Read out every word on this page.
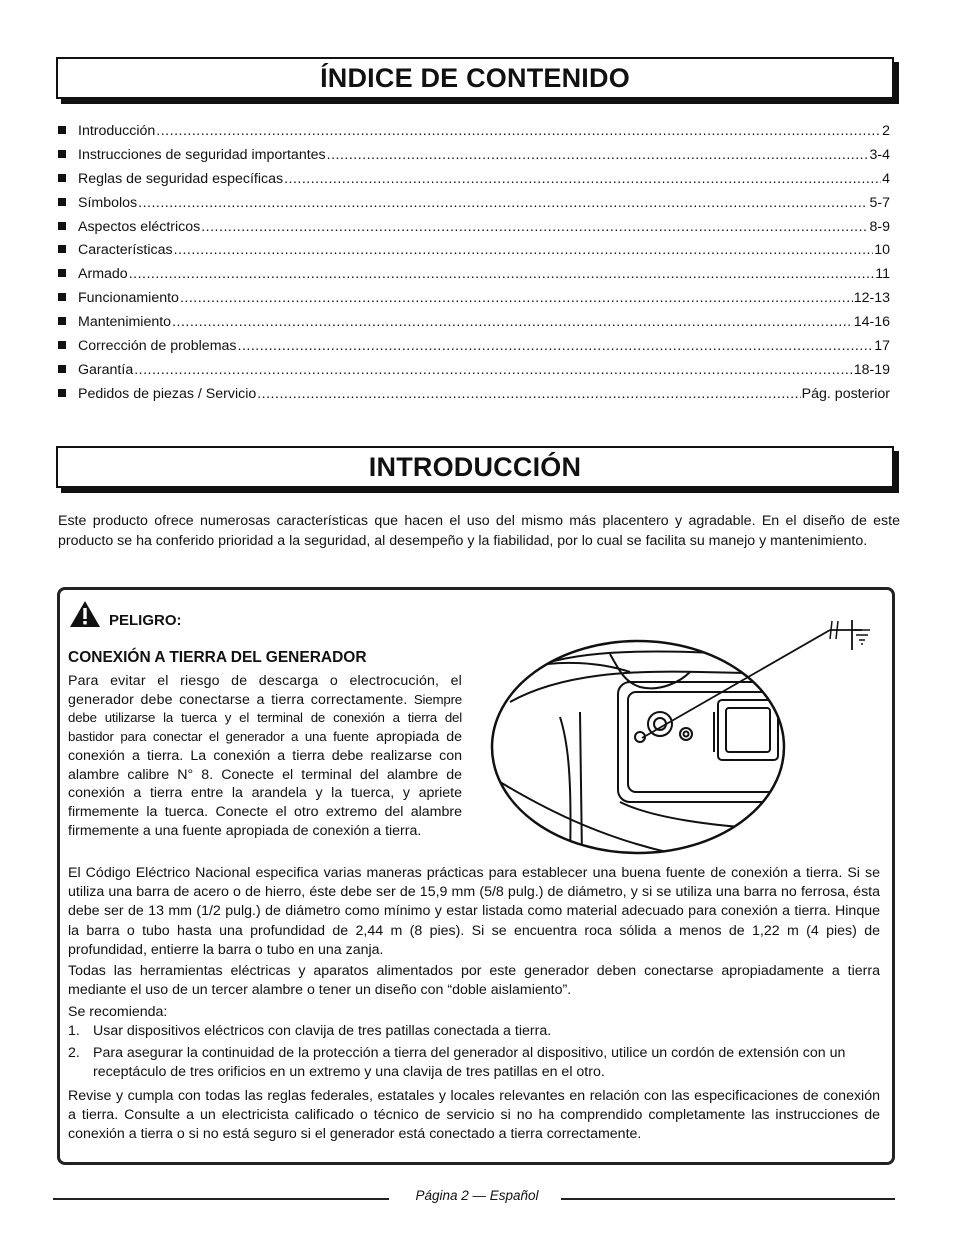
ÍNDICE DE CONTENIDO
Introducción .....	2
Instrucciones de seguridad importantes .....	3-4
Reglas de seguridad específicas .....	4
Símbolos .....	5-7
Aspectos eléctricos .....	8-9
Características .....	10
Armado .....	11
Funcionamiento .....	12-13
Mantenimiento .....	14-16
Corrección de problemas .....	17
Garantía .....	18-19
Pedidos de piezas / Servicio .....	Pág. posterior
INTRODUCCIÓN

Este producto ofrece numerosas características que hacen el uso del mismo más placentero y agradable. En el diseño de este producto se ha conferido prioridad a la seguridad, al desempeño y la fiabilidad, por lo cual se facilita su manejo y mantenimiento.

PELIGRO:
CONEXIÓN A TIERRA DEL GENERADOR

Para evitar el riesgo de descarga o electrocución, el generador debe conectarse a tierra correctamente. Siempre debe utilizarse la tuerca y el terminal de conexión a tierra del bastidor para conectar el generador a una fuente apropiada de conexión a tierra. La conexión a tierra debe realizarse con alambre calibre N° 8. Conecte el terminal del alambre de conexión a tierra entre la arandela y la tuerca, y apriete firmemente la tuerca. Conecte el otro extremo del alambre firmemente a una fuente apropiada de conexión a tierra.

El Código Eléctrico Nacional especifica varias maneras prácticas para establecer una buena fuente de conexión a tierra. Si se utiliza una barra de acero o de hierro, éste debe ser de 15,9 mm (5/8 pulg.) de diámetro, y si se utiliza una barra no ferrosa, ésta debe ser de 13 mm (1/2 pulg.) de diámetro como mínimo y estar listada como material adecuado para conexión a tierra. Hinque la barra o tubo hasta una profundidad de 2,44 m (8 pies). Si se encuentra roca sólida a menos de 1,22 m (4 pies) de profundidad, entierre la barra o tubo en una zanja.

Todas las herramientas eléctricas y aparatos alimentados por este generador deben conectarse apropiadamente a tierra mediante el uso de un tercer alambre o tener un diseño con “doble aislamiento”.

Se recomienda:

1. Usar dispositivos eléctricos con clavija de tres patillas conectada a tierra.
2. Para asegurar la continuidad de la protección a tierra del generador al dispositivo, utilice un cordón de extensión con un receptáculo de tres orificios en un extremo y una clavija de tres patillas en el otro.

Revise y cumpla con todas las reglas federales, estatales y locales relevantes en relación con las especificaciones de conexión a tierra. Consulte a un electricista calificado o técnico de servicio si no ha comprendido completamente las instrucciones de conexión a tierra o si no está seguro si el generador está conectado a tierra correctamente.

Página 2 — Español
